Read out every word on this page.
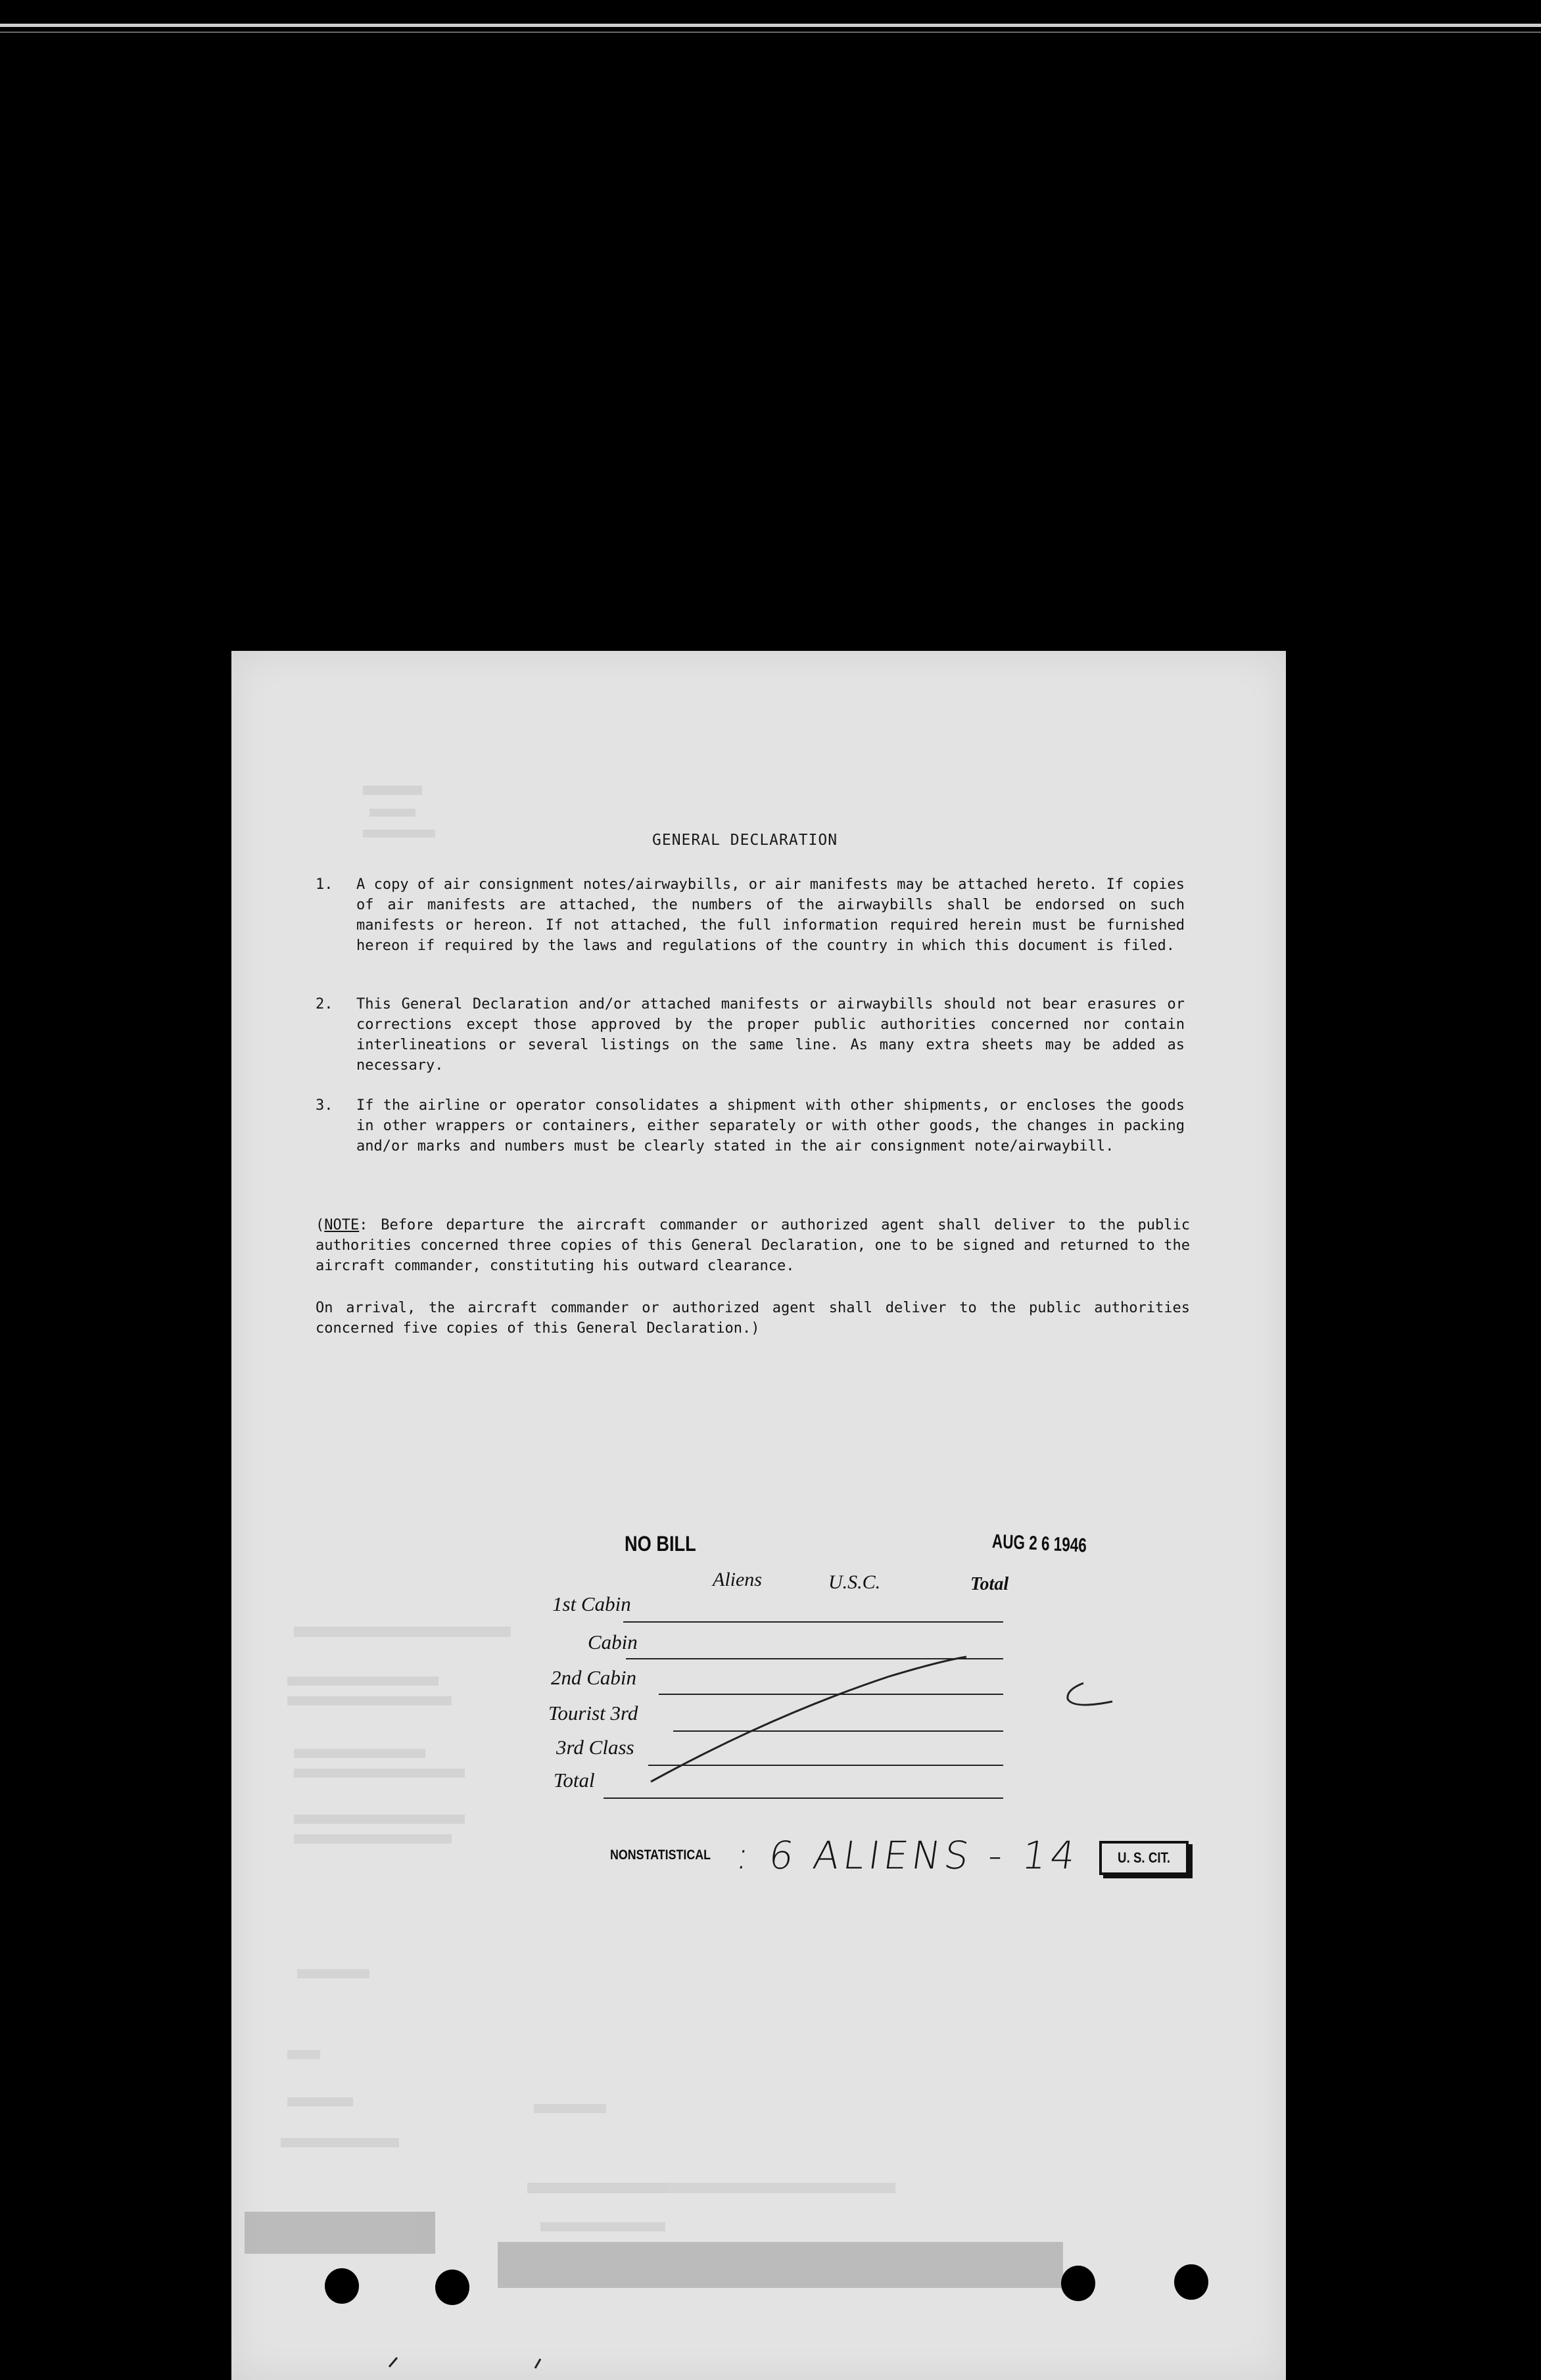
GENERAL DECLARATION
1. A copy of air consignment notes/airwaybills, or air manifests may be attached hereto. If copies of air manifests are attached, the numbers of the airwaybills shall be endorsed on such manifests or hereon. If not attached, the full information required herein must be furnished hereon if required by the laws and regulations of the country in which this document is filed.
2. This General Declaration and/or attached manifests or airwaybills should not bear erasures or corrections except those approved by the proper public authorities concerned nor contain interlineations or several listings on the same line. As many extra sheets may be added as necessary.
3. If the airline or operator consolidates a shipment with other shipments, or encloses the goods in other wrappers or containers, either separately or with other goods, the changes in packing and/or marks and numbers must be clearly stated in the air consignment note/airwaybill.
(NOTE: Before departure the aircraft commander or authorized agent shall deliver to the public authorities concerned three copies of this General Declaration, one to be signed and returned to the aircraft commander, constituting his outward clearance.
On arrival, the aircraft commander or authorized agent shall deliver to the public authorities concerned five copies of this General Declaration.)
NO BILL	AUG 2 6 1946
Aliens	U.S.C.	Total
1st Cabin
Cabin
2nd Cabin
Tourist 3rd
3rd Class
Total
NONSTATISTICAL : 6 ALIENS - 14 U. S. CIT.
